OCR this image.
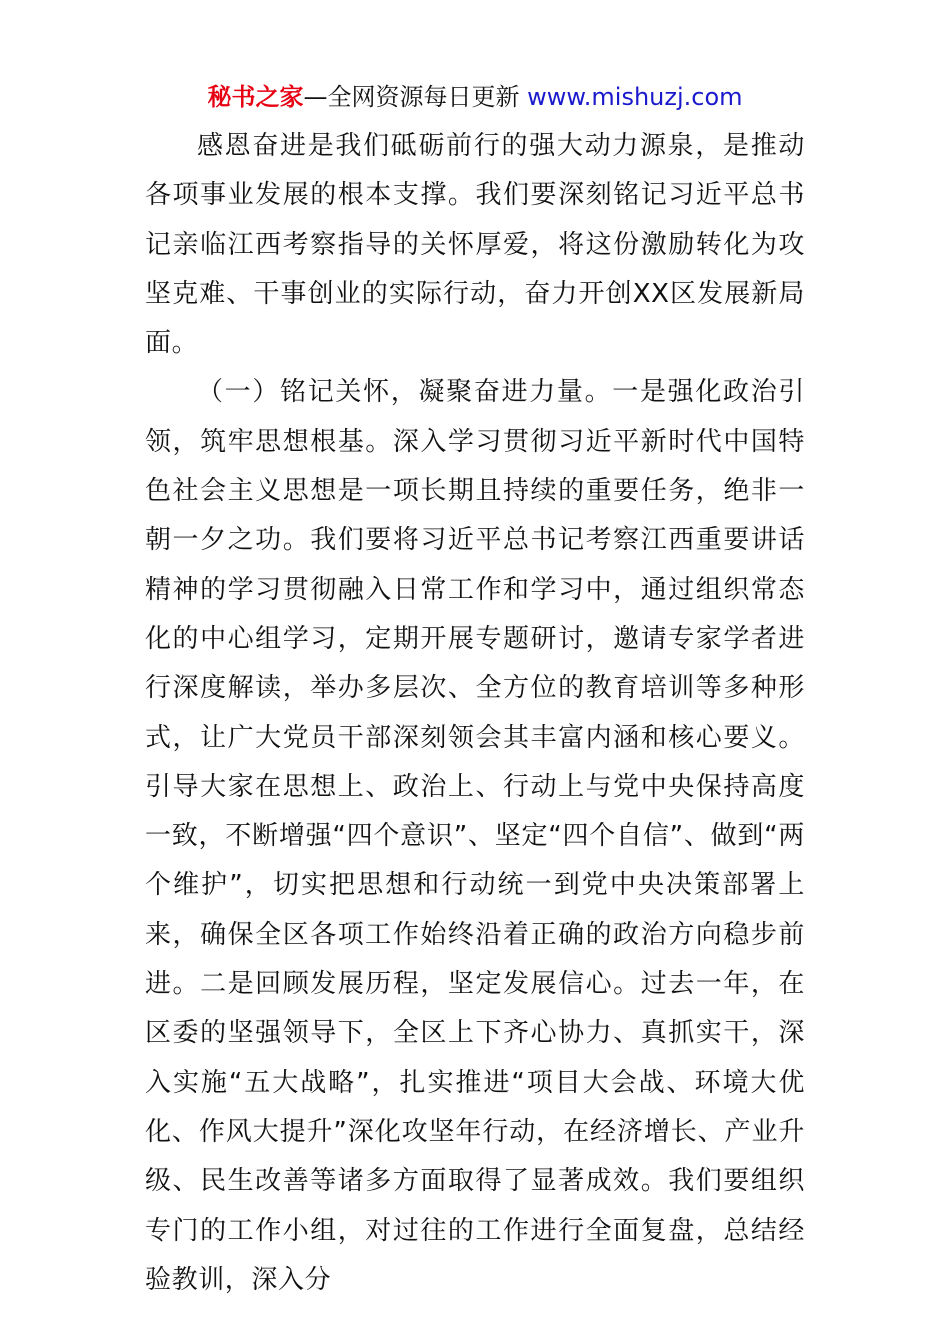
秘书之家—全网资源每日更新 www.mishuzj.com

感恩奋进是我们砥砺前行的强大动力源泉，是推动各项事业发展的根本支撑。我们要深刻铭记习近平总书记亲临江西考察指导的关怀厚爱，将这份激励转化为攻坚克难、干事创业的实际行动，奋力开创XX区发展新局面。

（一）铭记关怀，凝聚奋进力量。一是强化政治引领，筑牢思想根基。深入学习贯彻习近平新时代中国特色社会主义思想是一项长期且持续的重要任务，绝非一朝一夕之功。我们要将习近平总书记考察江西重要讲话精神的学习贯彻融入日常工作和学习中，通过组织常态化的中心组学习，定期开展专题研讨，邀请专家学者进行深度解读，举办多层次、全方位的教育培训等多种形式，让广大党员干部深刻领会其丰富内涵和核心要义。引导大家在思想上、政治上、行动上与党中央保持高度一致，不断增强“四个意识”、坚定“四个自信”、做到“两个维护”，切实把思想和行动统一到党中央决策部署上来，确保全区各项工作始终沿着正确的政治方向稳步前进。二是回顾发展历程，坚定发展信心。过去一年，在区委的坚强领导下，全区上下齐心协力、真抓实干，深入实施“五大战略”，扎实推进“项目大会战、环境大优化、作风大提升”深化攻坚年行动，在经济增长、产业升级、民生改善等诸多方面取得了显著成效。我们要组织专门的工作小组，对过往的工作进行全面复盘，总结经验教训，深入分
